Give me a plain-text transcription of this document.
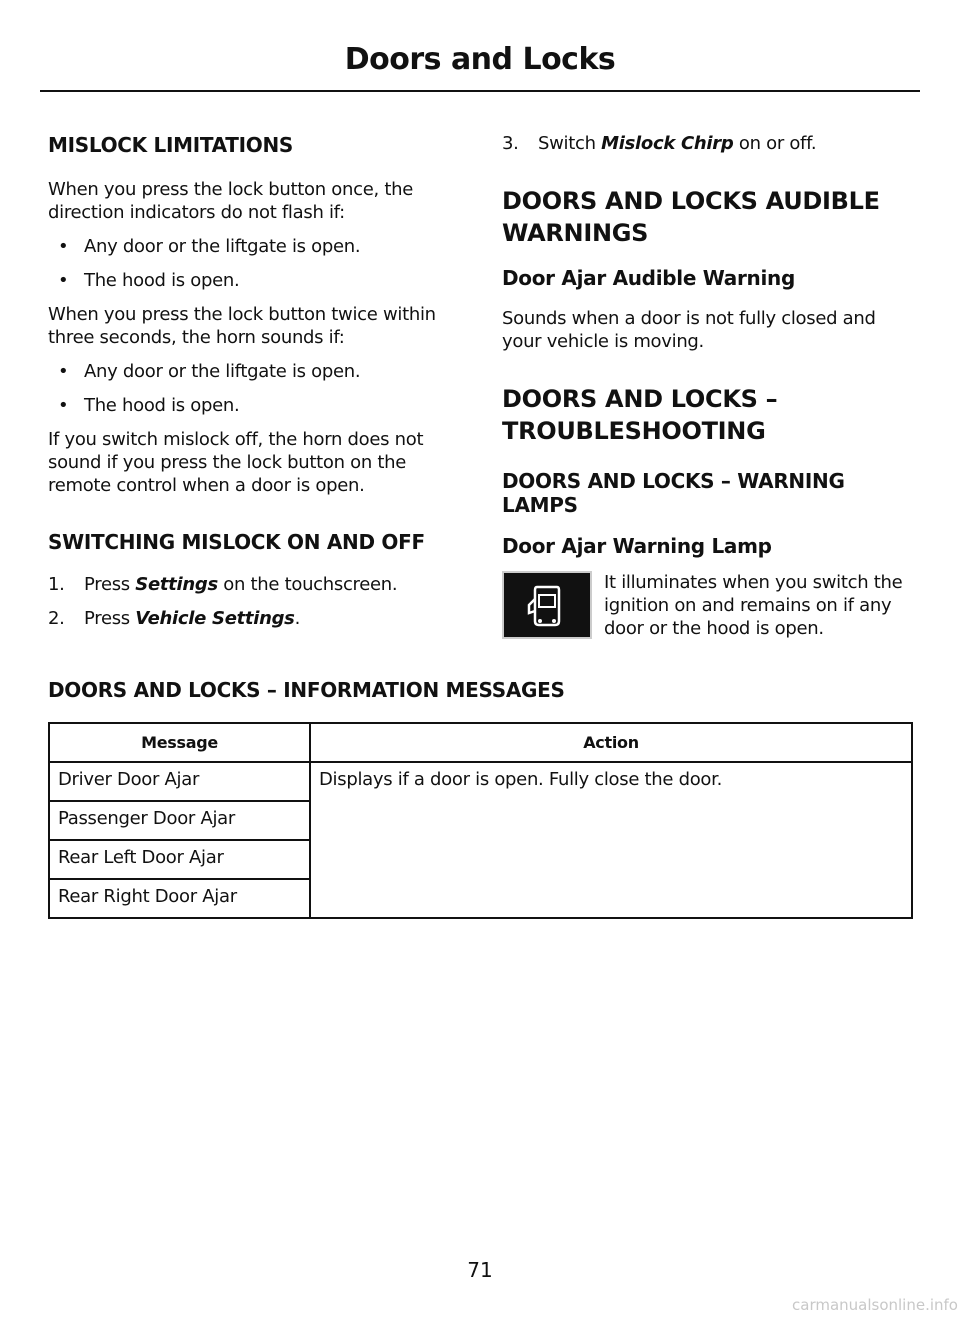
Doors and Locks
MISLOCK LIMITATIONS

When you press the lock button once, the direction indicators do not flash if:

• Any door or the liftgate is open.
• The hood is open.

When you press the lock button twice within three seconds, the horn sounds if:

• Any door or the liftgate is open.
• The hood is open.

If you switch mislock off, the horn does not sound if you press the lock button on the remote control when a door is open.

SWITCHING MISLOCK ON AND OFF
1. Press Settings on the touchscreen.
2. Press Vehicle Settings.
3. Switch Mislock Chirp on or off.
DOORS AND LOCKS AUDIBLE
WARNINGS
Door Ajar Audible Warning

Sounds when a door is not fully closed and your vehicle is moving.

DOORS AND LOCKS –
TROUBLESHOOTING
DOORS AND LOCKS – WARNING LAMPS
Door Ajar Warning Lamp
It illuminates when you switch the ignition on and remains on if any door or the hood is open.
DOORS AND LOCKS – INFORMATION MESSAGES
Message	Action
Driver Door Ajar	Displays if a door is open. Fully close the door.
Passenger Door Ajar	
Rear Left Door Ajar	
Rear Right Door Ajar	
71
carmanualsonline.info
